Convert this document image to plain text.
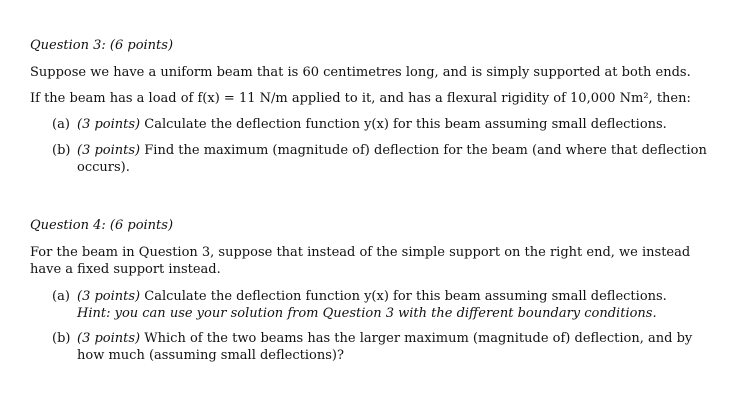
Question 3: (6 points)
Suppose we have a uniform beam that is 60 centimetres long, and is simply supported at both ends.
If the beam has a load of f(x) = 11 N/m applied to it, and has a flexural rigidity of 10,000 Nm², then:
(a) (3 points) Calculate the deflection function y(x) for this beam assuming small deflections.
(b) (3 points) Find the maximum (magnitude of) deflection for the beam (and where that deflection occurs).
Question 4: (6 points)
For the beam in Question 3, suppose that instead of the simple support on the right end, we instead have a fixed support instead.
(a) (3 points) Calculate the deflection function y(x) for this beam assuming small deflections.
Hint: you can use your solution from Question 3 with the different boundary conditions.
(b) (3 points) Which of the two beams has the larger maximum (magnitude of) deflection, and by how much (assuming small deflections)?
